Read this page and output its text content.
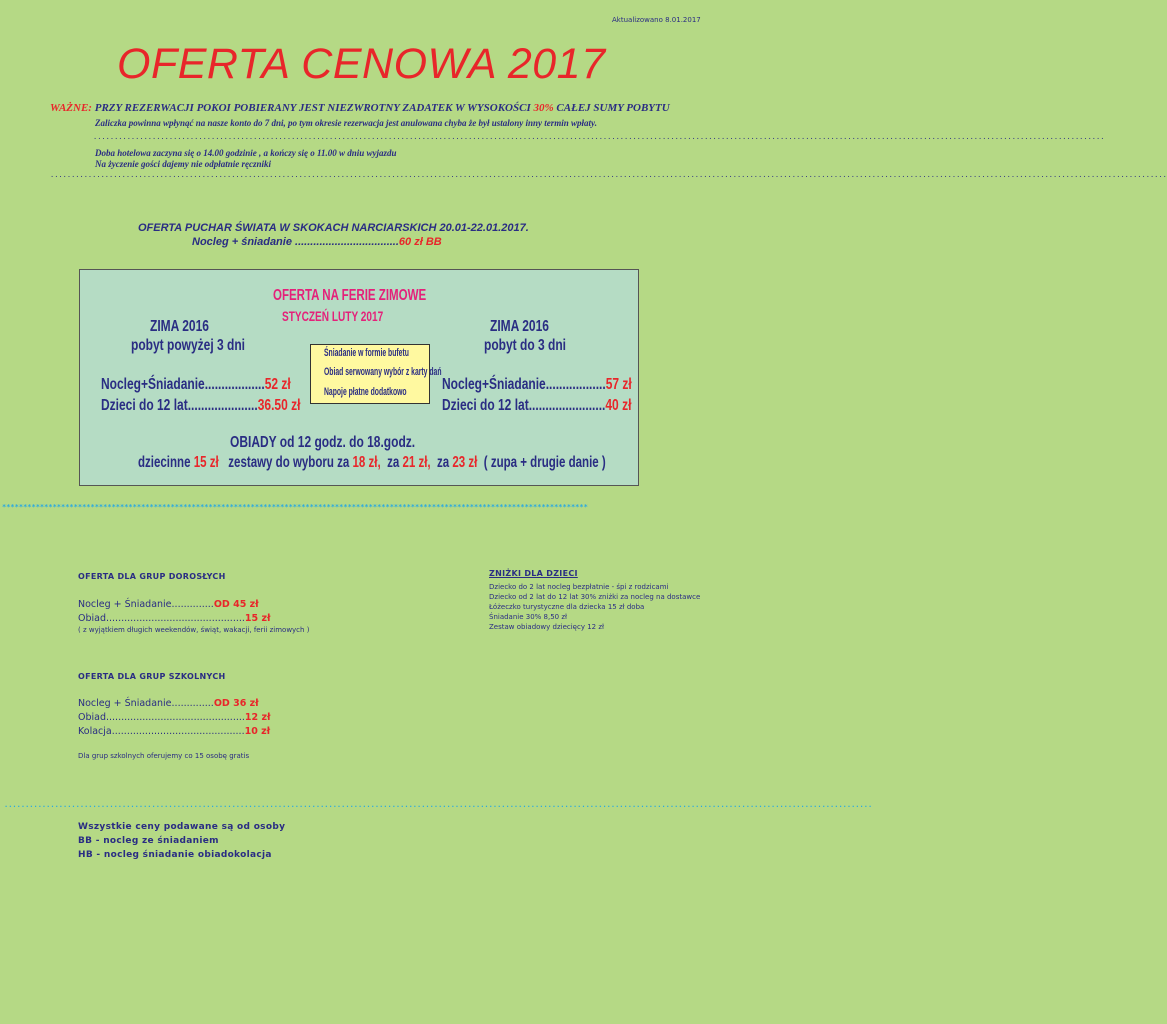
Aktualizowano 8.01.2017
OFERTA CENOWA 2017
WAŻNE: PRZY REZERWACJI POKOI POBIERANY JEST NIEZWROTNY ZADATEK W WYSOKOŚCI 30% CAŁEJ SUMY POBYTU
Zaliczka powinna wpłynąć na nasze konto do 7 dni, po tym okresie rezerwacja jest anulowana chyba że był ustalony inny termin wpłaty.
................................................................................................................................................................................................................................................
Doba hotelowa zaczyna się o 14.00 godzinie , a kończy się o 11.00 w dniu wyjazdu
Na życzenie gości dajemy nie odpłatnie ręczniki
.........................................................................................................................................................................................................................................................................
OFERTA PUCHAR ŚWIATA W SKOKACH NARCIARSKICH 20.01-22.01.2017.
Nocleg + śniadanie ..................................60 zł BB
OFERTA NA FERIE ZIMOWE
STYCZEŃ LUTY 2017
ZIMA 2016
pobyt powyżej 3 dni
Nocleg+Śniadanie..................52 zł
Dzieci do 12 lat.....................36.50 zł
Śniadanie w formie bufetu
Obiad serwowany wybór z karty dań
Napoje płatne dodatkowo
ZIMA 2016
pobyt do 3 dni
Nocleg+Śniadanie..................57 zł
Dzieci do 12 lat.......................40 zł
OBIADY od 12 godz. do 18.godz.
dziecinne 15 zł zestawy do wyboru za 18 zł, za 21 zł, za 23 zł ( zupa + drugie danie )
*******************************************************************************************************************************************
OFERTA DLA GRUP DOROSŁYCH
Nocleg + Śniadanie..............OD 45 zł
Obiad..............................................15 zł
( z wyjątkiem długich weekendów, świąt, wakacji, ferii zimowych )
ZNIŻKI DLA DZIECI
Dziecko do 2 lat nocleg bezpłatnie - śpi z rodzicami
Dziecko od 2 lat do 12 lat 30% zniżki za nocleg na dostawce
Łóżeczko turystyczne dla dziecka 15 zł doba
Śniadanie 30% 8,50 zł
Zestaw obiadowy dziecięcy 12 zł
OFERTA DLA GRUP SZKOLNYCH
Nocleg + Śniadanie..............OD 36 zł
Obiad..............................................12 zł
Kolacja............................................10 zł
Dla grup szkolnych oferujemy co 15 osobę gratis
..............................................................................................................................................................................................................
Wszystkie ceny podawane są od osoby
BB - nocleg ze śniadaniem
HB - nocleg śniadanie obiadokolacja
